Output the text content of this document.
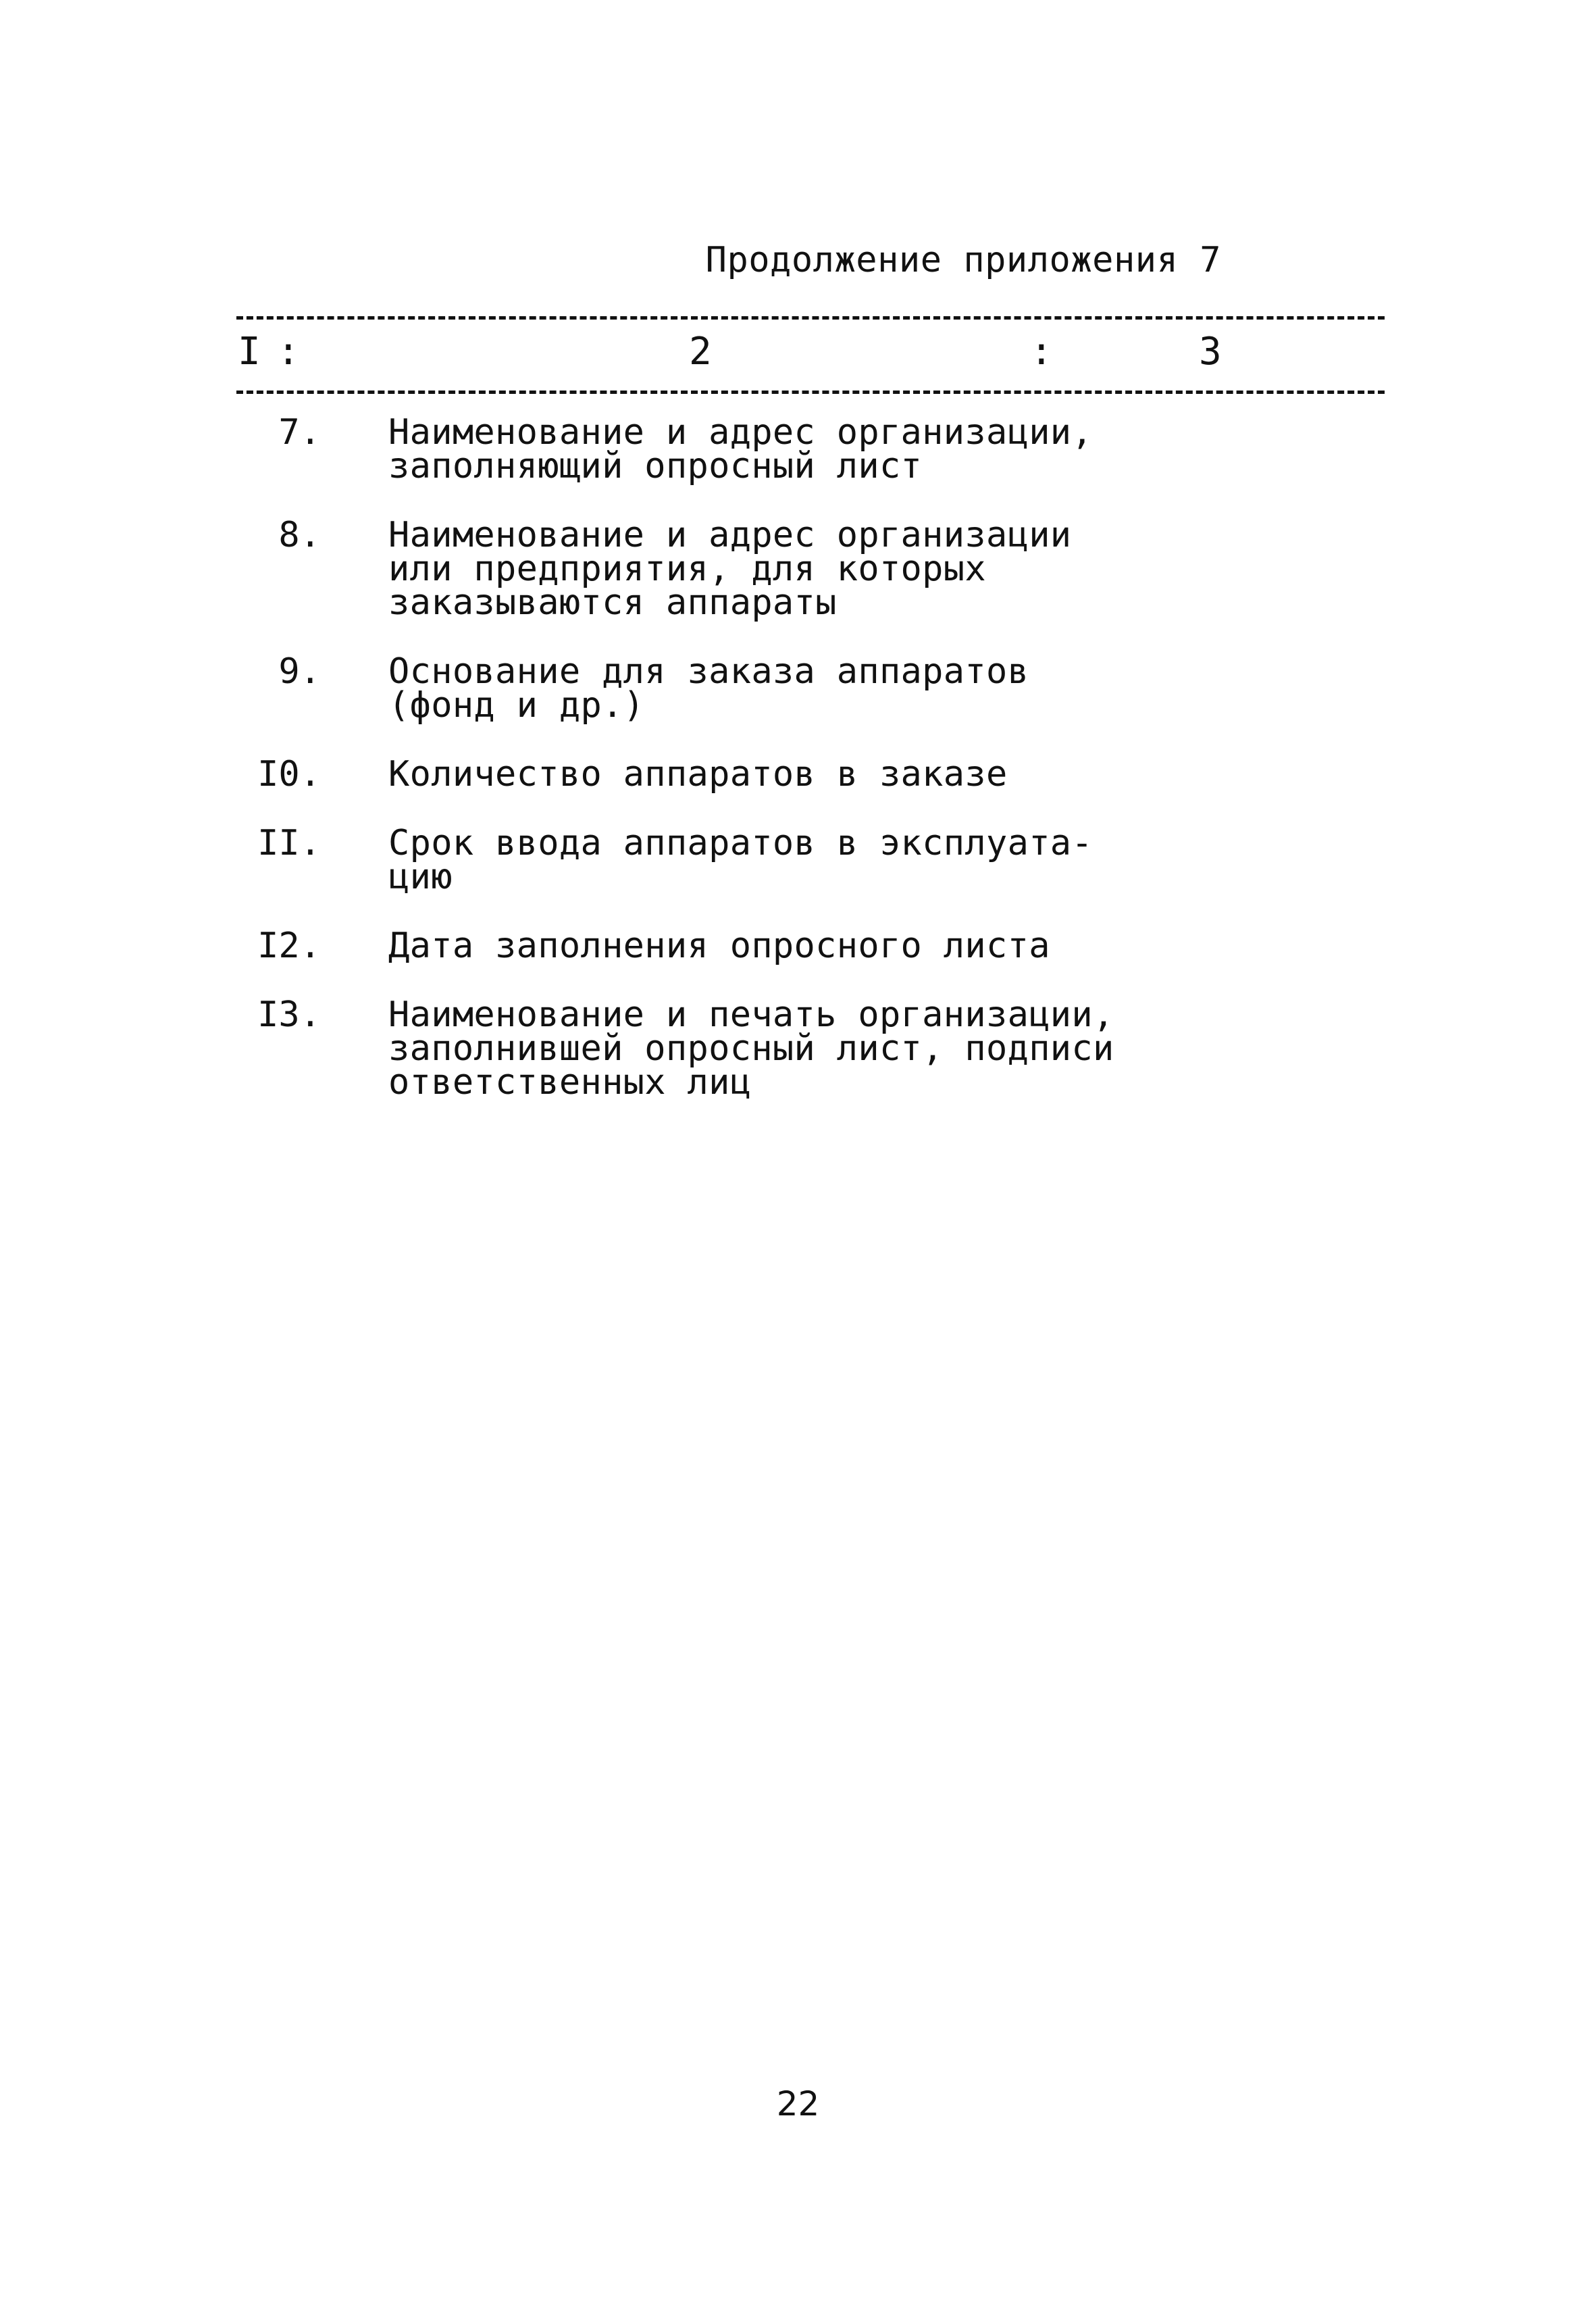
Продолжение приложения 7
I :	2	:	3
7. Наименование и адрес организации,
заполняющий опросный лист
8. Наименование и адрес организации
или предприятия, для которых
заказываются аппараты
9. Основание для заказа аппаратов
(фонд и др.)
I0. Количество аппаратов в заказе
II. Срок ввода аппаратов в эксплуата-
цию
I2. Дата заполнения опросного листа
I3. Наименование и печать организации,
заполнившей опросный лист, подписи
ответственных лиц
22
